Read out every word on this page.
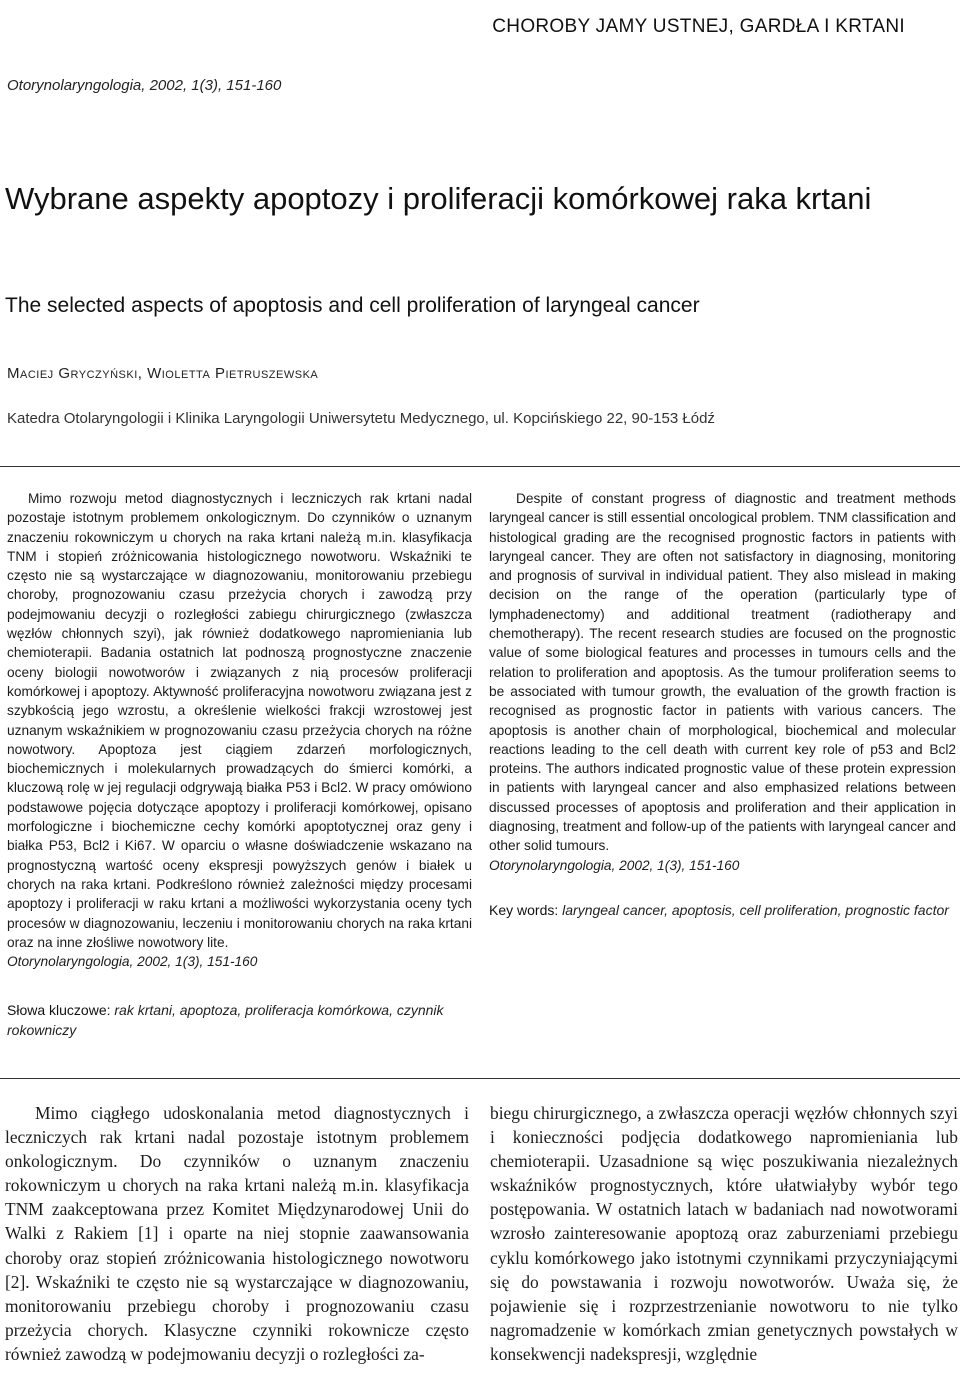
CHOROBY JAMY USTNEJ, GARDŁA I KRTANI
Otorynolaryngologia, 2002, 1(3), 151-160
Wybrane aspekty apoptozy i proliferacji komórkowej raka krtani
The selected aspects of apoptosis and cell proliferation of laryngeal cancer
Maciej Gryczyński, Wioletta Pietruszewska
Katedra Otolaryngologii i Klinika Laryngologii Uniwersytetu Medycznego, ul. Kopcińskiego 22, 90-153 Łódź

Mimo rozwoju metod diagnostycznych i leczniczych rak krtani nadal pozostaje istotnym problemem onkologicznym. Do czynników o uznanym znaczeniu rokowniczym u chorych na raka krtani należą m.in. klasyfikacja TNM i stopień zróżnicowania histologicznego nowotworu. Wskaźniki te często nie są wystarczające w diagnozowaniu, monitorowaniu przebiegu choroby, prognozowaniu czasu przeżycia chorych i zawodzą przy podejmowaniu decyzji o rozległości zabiegu chirurgicznego (zwłaszcza węzłów chłonnych szyi), jak również dodatkowego napromieniania lub chemioterapii. Badania ostatnich lat podnoszą prognostyczne znaczenie oceny biologii nowotworów i związanych z nią procesów proliferacji komórkowej i apoptozy. Aktywność proliferacyjna nowotworu związana jest z szybkością jego wzrostu, a określenie wielkości frakcji wzrostowej jest uznanym wskaźnikiem w prognozowaniu czasu przeżycia chorych na różne nowotwory. Apoptoza jest ciągiem zdarzeń morfologicznych, biochemicznych i molekularnych prowadzących do śmierci komórki, a kluczową rolę w jej regulacji odgrywają białka P53 i Bcl2. W pracy omówiono podstawowe pojęcia dotyczące apoptozy i proliferacji komórkowej, opisano morfologiczne i biochemiczne cechy komórki apoptotycznej oraz geny i białka P53, Bcl2 i Ki67. W oparciu o własne doświadczenie wskazano na prognostyczną wartość oceny ekspresji powyższych genów i białek u chorych na raka krtani. Podkreślono również zależności między procesami apoptozy i proliferacji w raku krtani a możliwości wykorzystania oceny tych procesów w diagnozowaniu, leczeniu i monitorowaniu chorych na raka krtani oraz na inne złośliwe nowotwory lite.
Otorynolaryngologia, 2002, 1(3), 151-160

Despite of constant progress of diagnostic and treatment methods laryngeal cancer is still essential oncological problem. TNM classification and histological grading are the recognised prognostic factors in patients with laryngeal cancer. They are often not satisfactory in diagnosing, monitoring and prognosis of survival in individual patient. They also mislead in making decision on the range of the operation (particularly type of lymphadenectomy) and additional treatment (radiotherapy and chemotherapy). The recent research studies are focused on the prognostic value of some biological features and processes in tumours cells and the relation to proliferation and apoptosis. As the tumour proliferation seems to be associated with tumour growth, the evaluation of the growth fraction is recognised as prognostic factor in patients with various cancers. The apoptosis is another chain of morphological, biochemical and molecular reactions leading to the cell death with current key role of p53 and Bcl2 proteins. The authors indicated prognostic value of these protein expression in patients with laryngeal cancer and also emphasized relations between discussed processes of apoptosis and proliferation and their application in diagnosing, treatment and follow-up of the patients with laryngeal cancer and other solid tumours.
Otorynolaryngologia, 2002, 1(3), 151-160

Key words: laryngeal cancer, apoptosis, cell proliferation, prognostic factor
Słowa kluczowe: rak krtani, apoptoza, proliferacja komórkowa, czynnik rokowniczy

Mimo ciągłego udoskonalania metod diagnostycznych i leczniczych rak krtani nadal pozostaje istotnym problemem onkologicznym. Do czynników o uznanym znaczeniu rokowniczym u chorych na raka krtani należą m.in. klasyfikacja TNM zaakceptowana przez Komitet Międzynarodowej Unii do Walki z Rakiem [1] i oparte na niej stopnie zaawansowania choroby oraz stopień zróżnicowania histologicznego nowotworu [2]. Wskaźniki te często nie są wystarczające w diagnozowaniu, monitorowaniu przebiegu choroby i prognozowaniu czasu przeżycia chorych. Klasyczne czynniki rokownicze często również zawodzą w podejmowaniu decyzji o rozległości za-

biegu chirurgicznego, a zwłaszcza operacji węzłów chłonnych szyi i konieczności podjęcia dodatkowego napromieniania lub chemioterapii. Uzasadnione są więc poszukiwania niezależnych wskaźników prognostycznych, które ułatwiałyby wybór tego postępowania. W ostatnich latach w badaniach nad nowotworami wzrosło zainteresowanie apoptozą oraz zaburzeniami przebiegu cyklu komórkowego jako istotnymi czynnikami przyczyniającymi się do powstawania i rozwoju nowotworów. Uważa się, że pojawienie się i rozprzestrzenianie nowotworu to nie tylko nagromadzenie w komórkach zmian genetycznych powstałych w konsekwencji nadekspresji, względnie
